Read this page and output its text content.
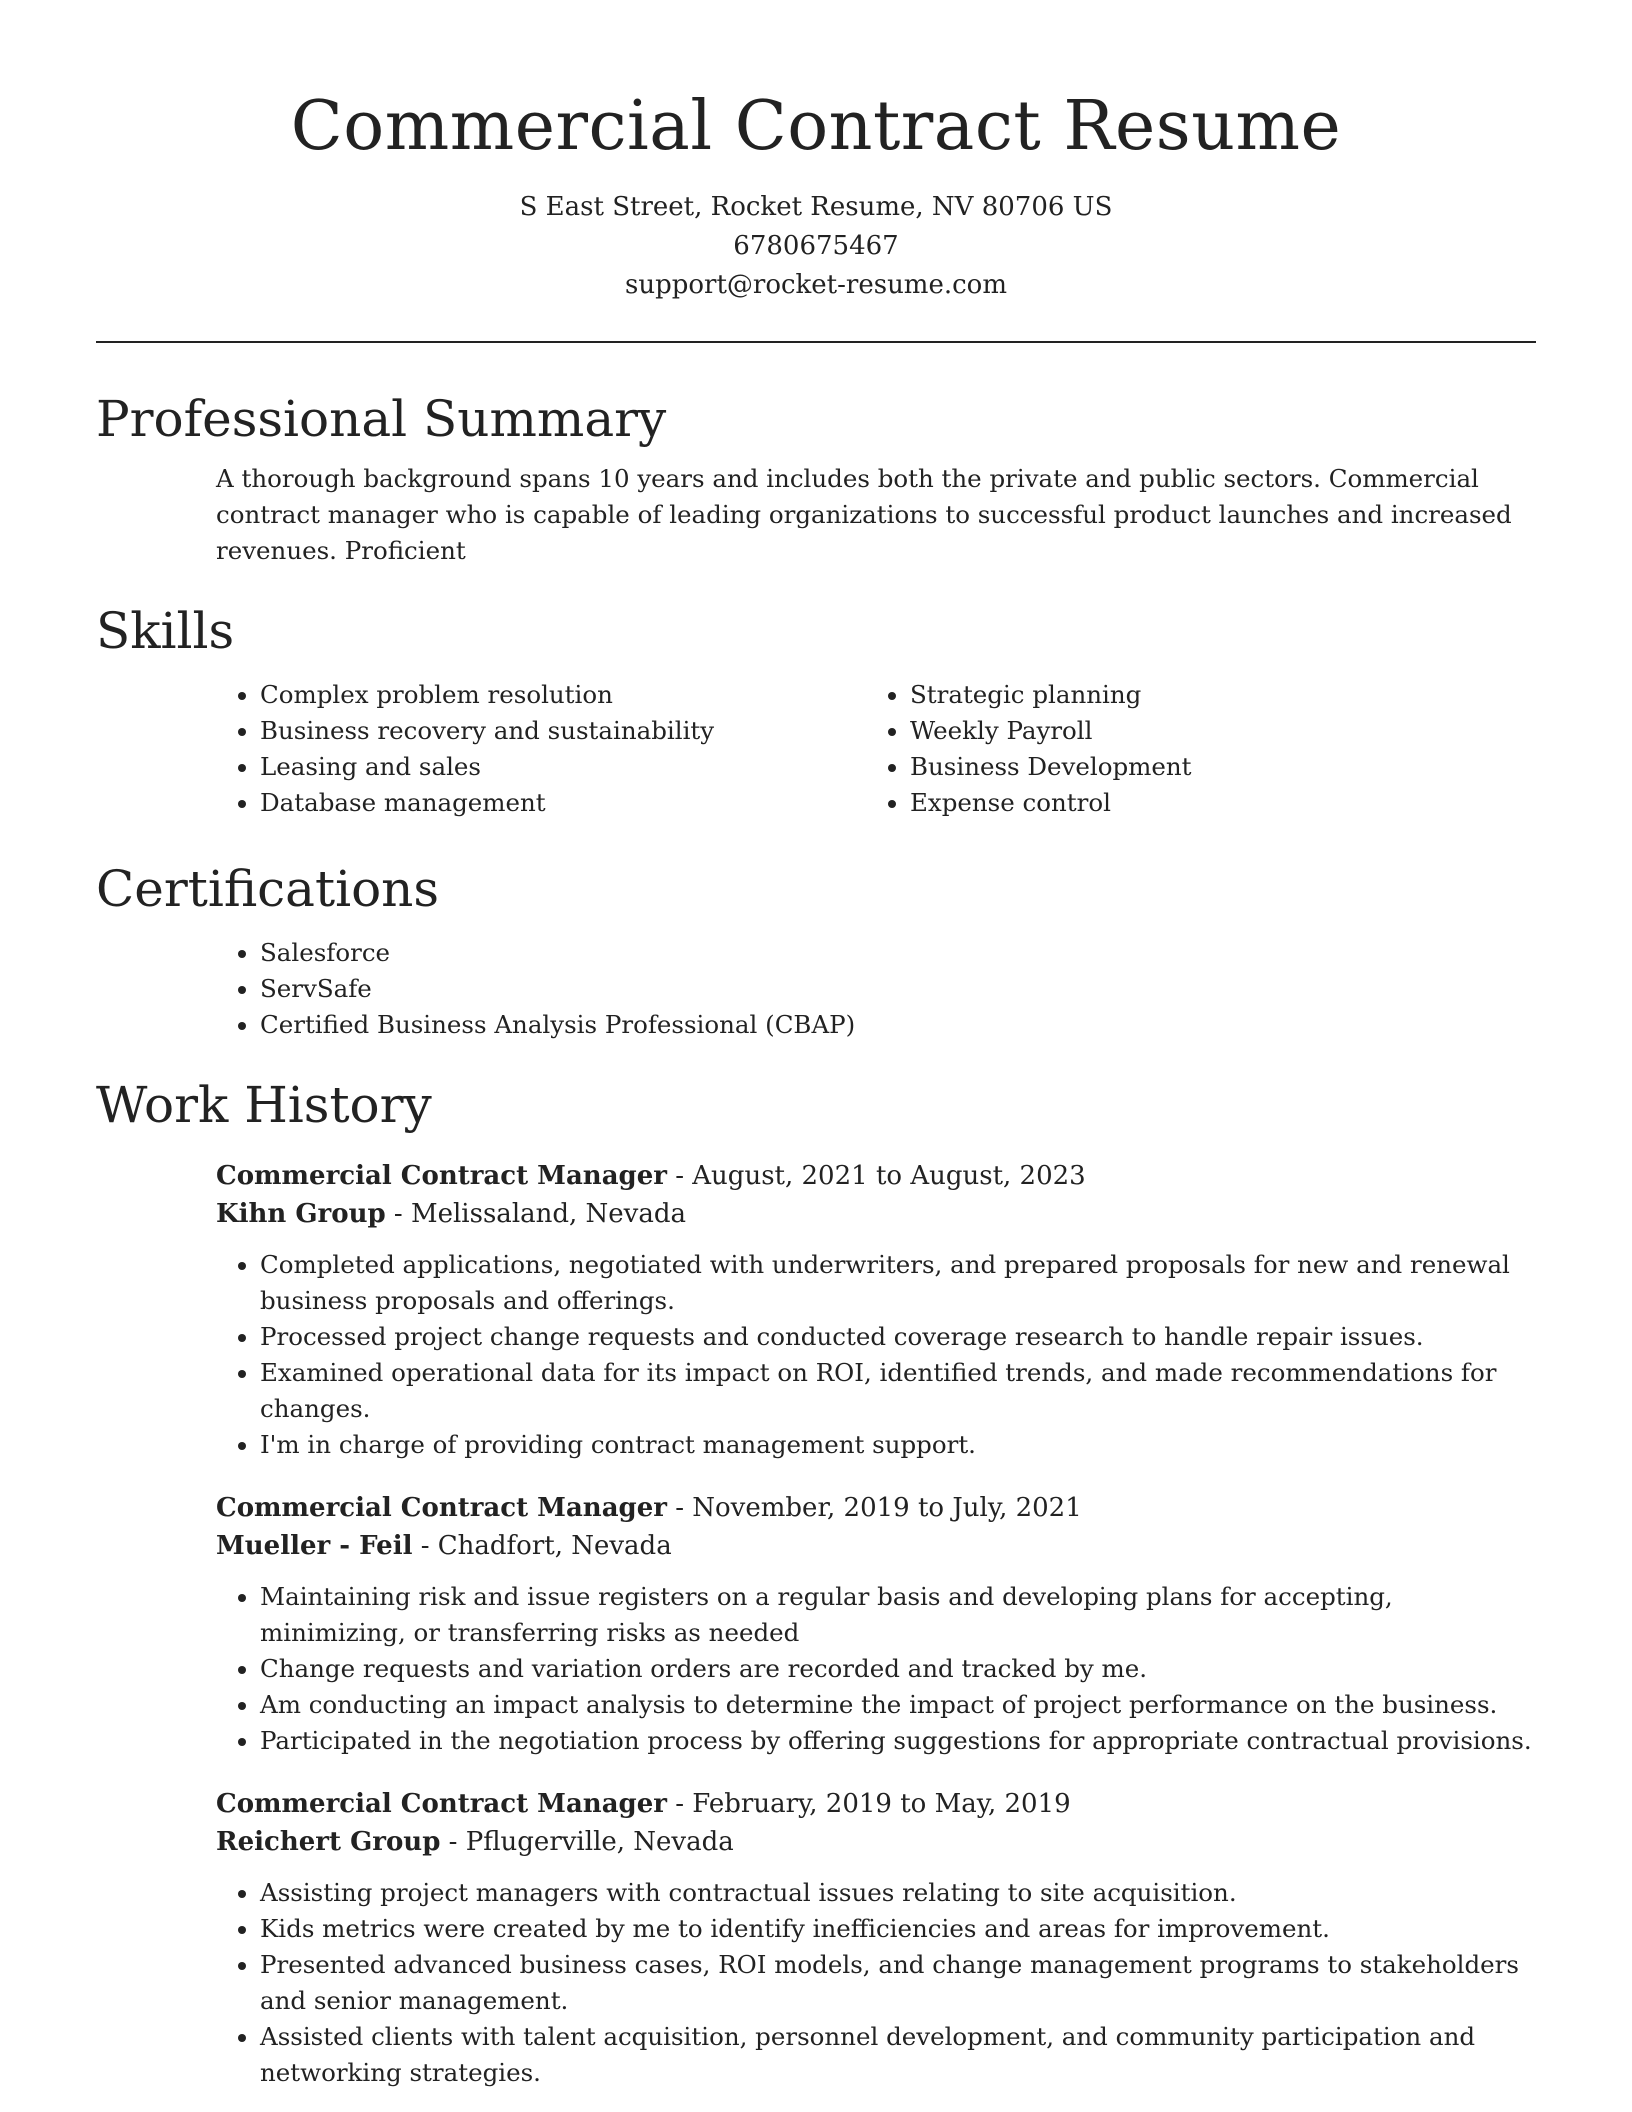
Commercial Contract Resume
S East Street, Rocket Resume, NV 80706 US
6780675467
support@rocket-resume.com
Professional Summary
A thorough background spans 10 years and includes both the private and public sectors. Commercial contract manager who is capable of leading organizations to successful product launches and increased revenues. Proficient
Skills
• Complex problem resolution
• Business recovery and sustainability
• Leasing and sales
• Database management
• Strategic planning
• Weekly Payroll
• Business Development
• Expense control
Certifications
• Salesforce
• ServSafe
• Certified Business Analysis Professional (CBAP)
Work History
Commercial Contract Manager - August, 2021 to August, 2023
Kihn Group - Melissaland, Nevada
• Completed applications, negotiated with underwriters, and prepared proposals for new and renewal business proposals and offerings.
• Processed project change requests and conducted coverage research to handle repair issues.
• Examined operational data for its impact on ROI, identified trends, and made recommendations for changes.
• I'm in charge of providing contract management support.
Commercial Contract Manager - November, 2019 to July, 2021
Mueller - Feil - Chadfort, Nevada
• Maintaining risk and issue registers on a regular basis and developing plans for accepting, minimizing, or transferring risks as needed
• Change requests and variation orders are recorded and tracked by me.
• Am conducting an impact analysis to determine the impact of project performance on the business.
• Participated in the negotiation process by offering suggestions for appropriate contractual provisions.
Commercial Contract Manager - February, 2019 to May, 2019
Reichert Group - Pflugerville, Nevada
• Assisting project managers with contractual issues relating to site acquisition.
• Kids metrics were created by me to identify inefficiencies and areas for improvement.
• Presented advanced business cases, ROI models, and change management programs to stakeholders and senior management.
• Assisted clients with talent acquisition, personnel development, and community participation and networking strategies.
